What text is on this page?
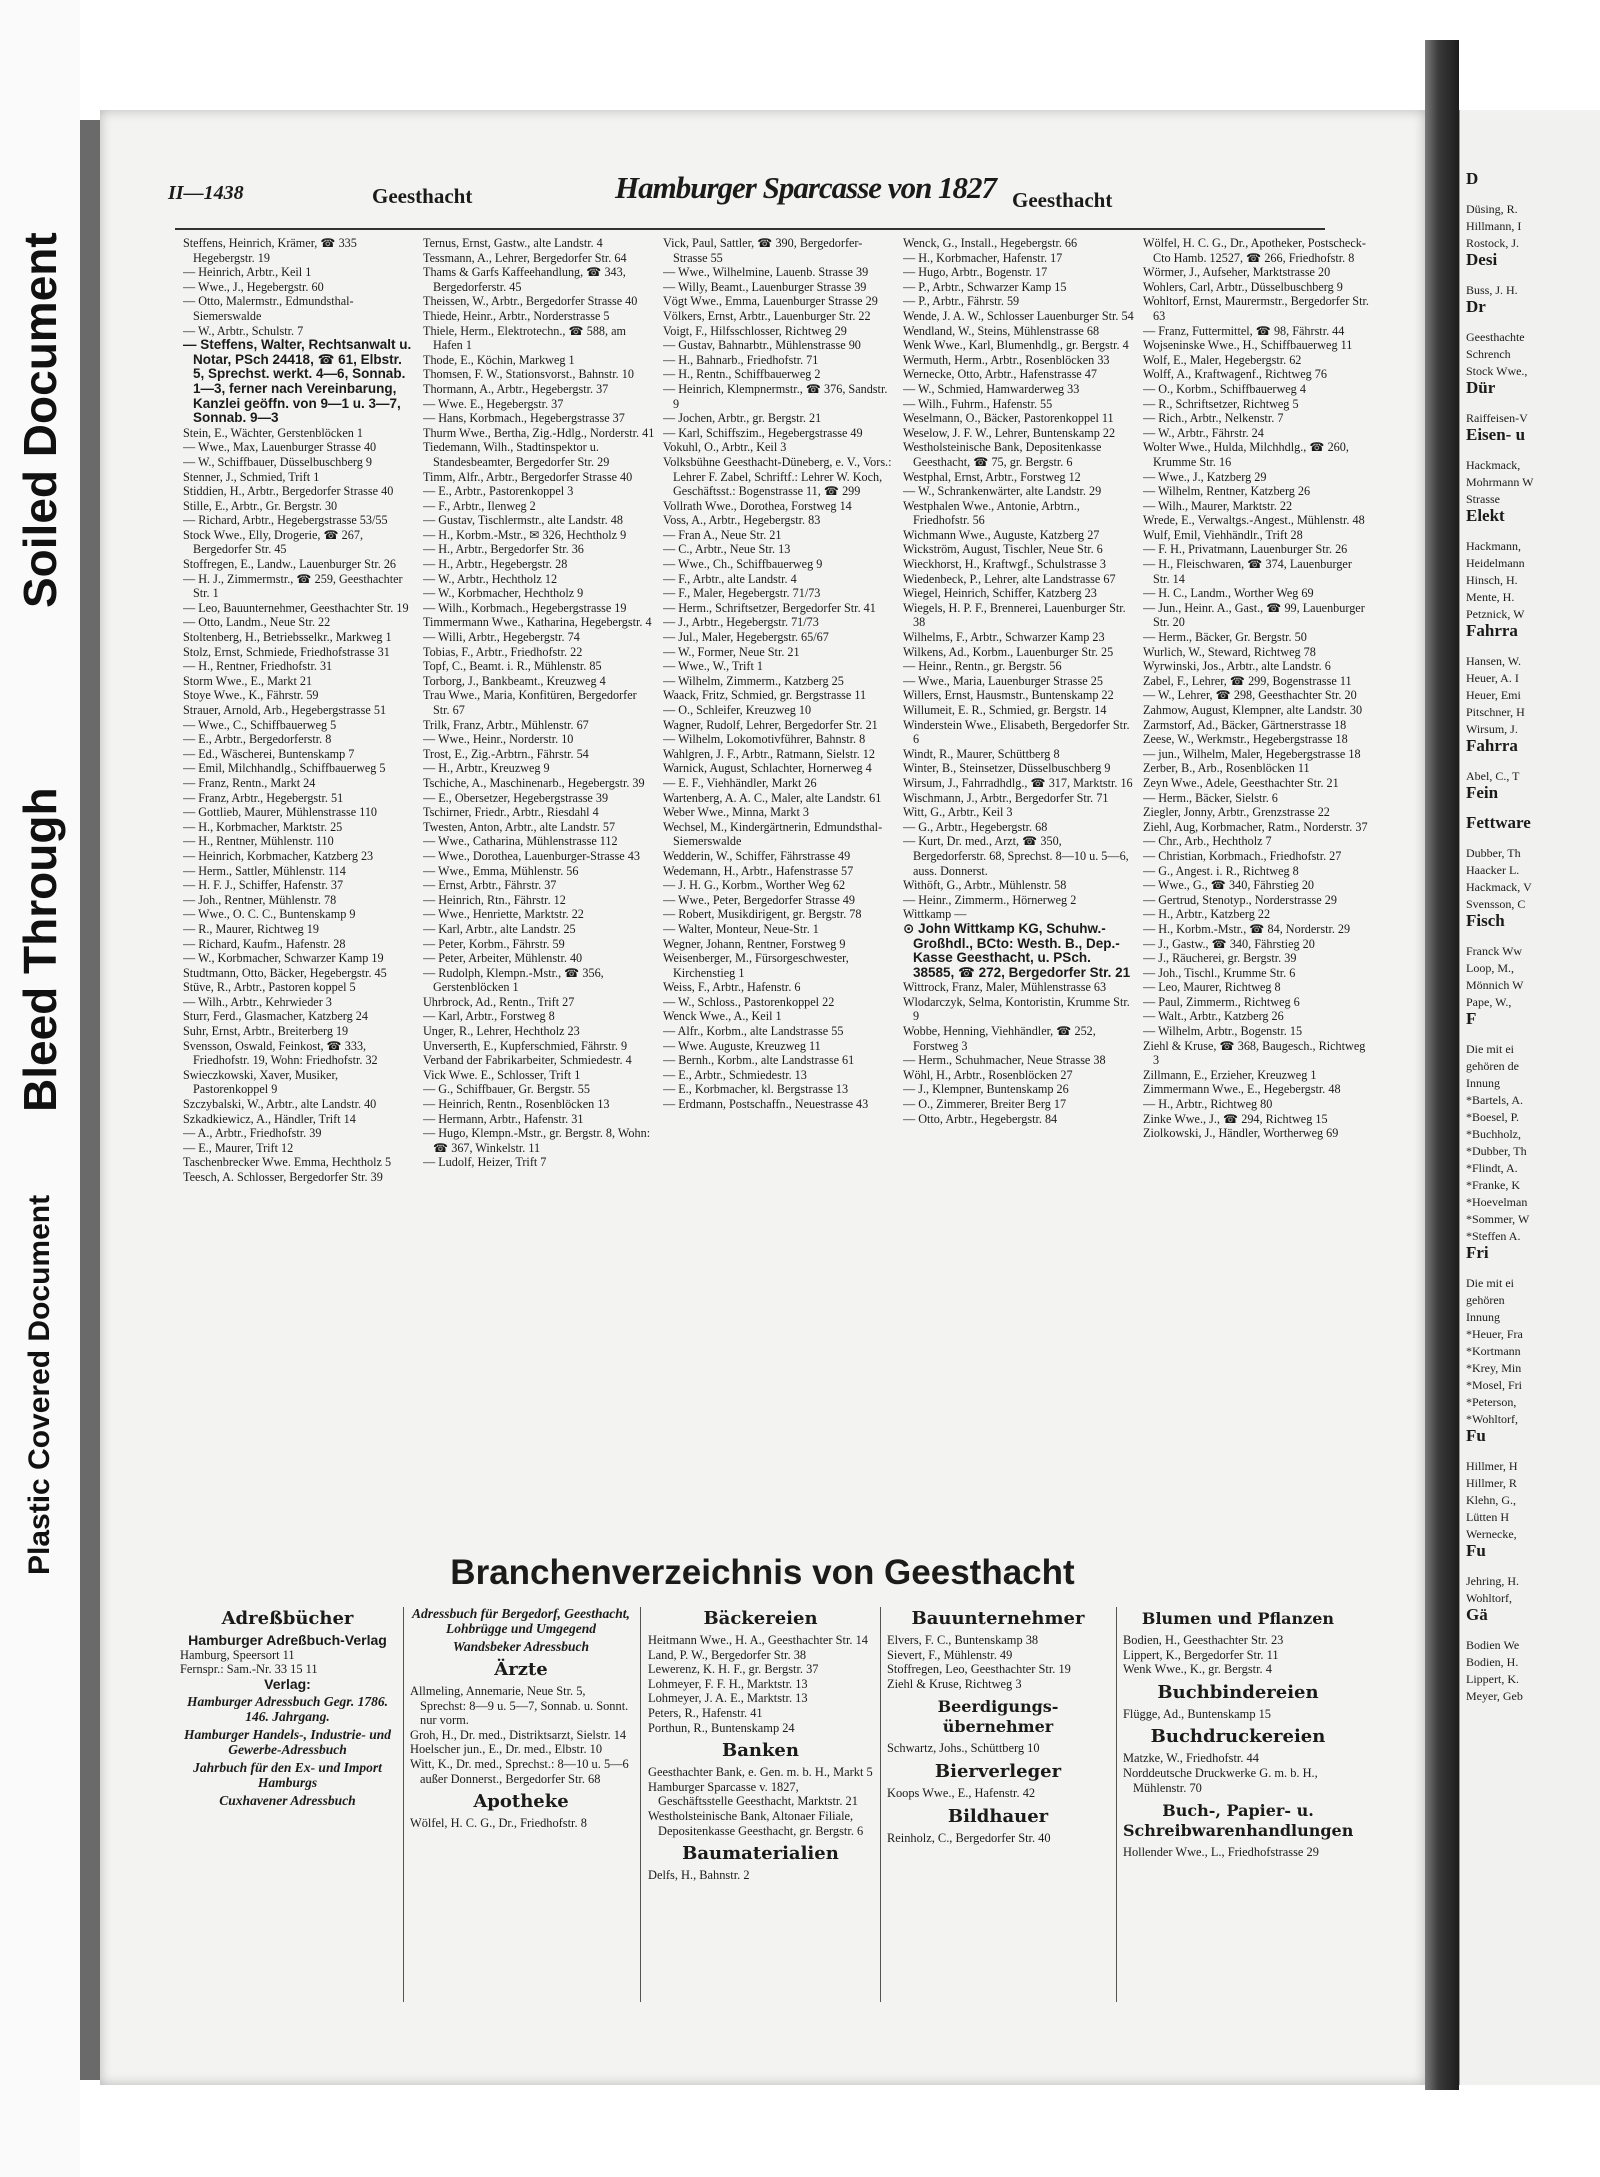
Plastic Covered Document
Bleed Through
Soiled Document
D
Düsing, R.
Hillmann, I
Rostock, J.
Desi
Buss, J. H.
Dr
Geesthachte
Schrench
Stock Wwe.,
Dür
Raiffeisen-V
Eisen- u
Hackmack,
Mohrmann W
Strasse
Elekt
Hackmann,
Heidelmann
Hinsch, H.
Mente, H.
Petznick, W
Fahrra
Hansen, W.
Heuer, A. I
Heuer, Emi
Pitschner, H
Wirsum, J.
Fahrra
Abel, C., T
Fein
Fettware
Dubber, Th
Haacker L.
Hackmack, V
Svensson, C
Fisch
Franck Ww
Loop, M.,
Mönnich W
Pape, W.,
F
Die mit ei
gehören de
Innung
*Bartels, A.
*Boesel, P.
*Buchholz,
*Dubber, Th
*Flindt, A.
*Franke, K
*Hoevelman
*Sommer, W
*Steffen A.
Fri
Die mit ei
gehören
Innung
*Heuer, Fra
*Kortmann
*Krey, Min
*Mosel, Fri
*Peterson,
*Wohltorf,
Fu
Hillmer, H
Hillmer, R
Klehn, G.,
Lütten H
Wernecke,
Fu
Jehring, H.
Wohltorf,
Gä
Bodien We
Bodien, H.
Lippert, K.
Meyer, Geb
II—1438	Geesthacht	Hamburger Sparcasse von 1827 Geesthacht

Steffens, Heinrich, Krämer, ☎ 335 Hegebergstr. 19

— Heinrich, Arbtr., Keil 1

— Wwe., J., Hegebergstr. 60

— Otto, Malermstr., Edmundsthal-Siemerswalde

— W., Arbtr., Schulstr. 7

— Steffens, Walter, Rechtsanwalt u. Notar, PSch 24418, ☎ 61, Elbstr. 5, Sprechst. werkt. 4—6, Sonnab. 1—3, ferner nach Vereinbarung, Kanzlei geöffn. von 9—1 u. 3—7, Sonnab. 9—3

Stein, E., Wächter, Gerstenblöcken 1

— Wwe., Max, Lauenburger Strasse 40

— W., Schiffbauer, Düsselbuschberg 9

Stenner, J., Schmied, Trift 1

Stiddien, H., Arbtr., Bergedorfer Strasse 40

Stille, E., Arbtr., Gr. Bergstr. 30

— Richard, Arbtr., Hegebergstrasse 53/55

Stock Wwe., Elly, Drogerie, ☎ 267, Bergedorfer Str. 45

Stoffregen, E., Landw., Lauenburger Str. 26

— H. J., Zimmermstr., ☎ 259, Geesthachter Str. 1

— Leo, Bauunternehmer, Geesthachter Str. 19

— Otto, Landm., Neue Str. 22

Stoltenberg, H., Betriebsselkr., Markweg 1

Stolz, Ernst, Schmiede, Friedhofstrasse 31

— H., Rentner, Friedhofstr. 31

Storm Wwe., E., Markt 21

Stoye Wwe., K., Fährstr. 59

Strauer, Arnold, Arb., Hegebergstrasse 51

— Wwe., C., Schiffbauerweg 5

— E., Arbtr., Bergedorferstr. 8

— Ed., Wäscherei, Buntenskamp 7

— Emil, Milchhandlg., Schiffbauerweg 5

— Franz, Rentn., Markt 24

— Franz, Arbtr., Hegebergstr. 51

— Gottlieb, Maurer, Mühlenstrasse 110

— H., Korbmacher, Marktstr. 25

— H., Rentner, Mühlenstr. 110

— Heinrich, Korbmacher, Katzberg 23

— Herm., Sattler, Mühlenstr. 114

— H. F. J., Schiffer, Hafenstr. 37

— Joh., Rentner, Mühlenstr. 78

— Wwe., O. C. C., Buntenskamp 9

— R., Maurer, Richtweg 19

— Richard, Kaufm., Hafenstr. 28

— W., Korbmacher, Schwarzer Kamp 19

Studtmann, Otto, Bäcker, Hegebergstr. 45

Stüve, R., Arbtr., Pastoren koppel 5

— Wilh., Arbtr., Kehrwieder 3

Sturr, Ferd., Glasmacher, Katzberg 24

Suhr, Ernst, Arbtr., Breiterberg 19

Svensson, Oswald, Feinkost, ☎ 333, Friedhofstr. 19, Wohn: Friedhofstr. 32

Swieczkowski, Xaver, Musiker, Pastorenkoppel 9

Szczybalski, W., Arbtr., alte Landstr. 40

Szkadkiewicz, A., Händler, Trift 14

— A., Arbtr., Friedhofstr. 39

— E., Maurer, Trift 12

Taschenbrecker Wwe. Emma, Hechtholz 5

Teesch, A. Schlosser, Bergedorfer Str. 39

Ternus, Ernst, Gastw., alte Landstr. 4

Tessmann, A., Lehrer, Bergedorfer Str. 64

Thams & Garfs Kaffeehandlung, ☎ 343, Bergedorferstr. 45

Theissen, W., Arbtr., Bergedorfer Strasse 40

Thiede, Heinr., Arbtr., Norderstrasse 5

Thiele, Herm., Elektrotechn., ☎ 588, am Hafen 1

Thode, E., Köchin, Markweg 1

Thomsen, F. W., Stationsvorst., Bahnstr. 10

Thormann, A., Arbtr., Hegebergstr. 37

— Wwe. E., Hegebergstr. 37

— Hans, Korbmach., Hegebergstrasse 37

Thurm Wwe., Bertha, Zig.-Hdlg., Norderstr. 41

Tiedemann, Wilh., Stadtinspektor u. Standesbeamter, Bergedorfer Str. 29

Timm, Alfr., Arbtr., Bergedorfer Strasse 40

— E., Arbtr., Pastorenkoppel 3

— F., Arbtr., Ilenweg 2

— Gustav, Tischlermstr., alte Landstr. 48

— H., Korbm.-Mstr., ✉ 326, Hechtholz 9

— H., Arbtr., Bergedorfer Str. 36

— H., Arbtr., Hegebergstr. 28

— W., Arbtr., Hechtholz 12

— W., Korbmacher, Hechtholz 9

— Wilh., Korbmach., Hegebergstrasse 19

Timmermann Wwe., Katharina, Hegebergstr. 4

— Willi, Arbtr., Hegebergstr. 74

Tobias, F., Arbtr., Friedhofstr. 22

Topf, C., Beamt. i. R., Mühlenstr. 85

Torborg, J., Bankbeamt., Kreuzweg 4

Trau Wwe., Maria, Konfitüren, Bergedorfer Str. 67

Trilk, Franz, Arbtr., Mühlenstr. 67

— Wwe., Heinr., Norderstr. 10

Trost, E., Zig.-Arbtrn., Fährstr. 54

— H., Arbtr., Kreuzweg 9

Tschiche, A., Maschinenarb., Hegebergstr. 39

— E., Obersetzer, Hegebergstrasse 39

Tschirner, Friedr., Arbtr., Riesdahl 4

Twesten, Anton, Arbtr., alte Landstr. 57

— Wwe., Catharina, Mühlenstrasse 112

— Wwe., Dorothea, Lauenburger-Strasse 43

— Wwe., Emma, Mühlenstr. 56

— Ernst, Arbtr., Fährstr. 37

— Heinrich, Rtn., Fährstr. 12

— Wwe., Henriette, Marktstr. 22

— Karl, Arbtr., alte Landstr. 25

— Peter, Korbm., Fährstr. 59

— Peter, Arbeiter, Mühlenstr. 40

— Rudolph, Klempn.-Mstr., ☎ 356, Gerstenblöcken 1

Uhrbrock, Ad., Rentn., Trift 27

— Karl, Arbtr., Forstweg 8

Unger, R., Lehrer, Hechtholz 23

Unverserth, E., Kupferschmied, Fährstr. 9

Verband der Fabrikarbeiter, Schmiedestr. 4

Vick Wwe. E., Schlosser, Trift 1

— G., Schiffbauer, Gr. Bergstr. 55

— Heinrich, Rentn., Rosenblöcken 13

— Hermann, Arbtr., Hafenstr. 31

— Hugo, Klempn.-Mstr., gr. Bergstr. 8, Wohn: ☎ 367, Winkelstr. 11

— Ludolf, Heizer, Trift 7

Vick, Paul, Sattler, ☎ 390, Bergedorfer-Strasse 55

— Wwe., Wilhelmine, Lauenb. Strasse 39

— Willy, Beamt., Lauenburger Strasse 39

Vögt Wwe., Emma, Lauenburger Strasse 29

Völkers, Ernst, Arbtr., Lauenburger Str. 22

Voigt, F., Hilfsschlosser, Richtweg 29

— Gustav, Bahnarbtr., Mühlenstrasse 90

— H., Bahnarb., Friedhofstr. 71

— H., Rentn., Schiffbauerweg 2

— Heinrich, Klempnermstr., ☎ 376, Sandstr. 9

— Jochen, Arbtr., gr. Bergstr. 21

— Karl, Schiffszim., Hegebergstrasse 49

Vokuhl, O., Arbtr., Keil 3

Volksbühne Geesthacht-Düneberg, e. V., Vors.: Lehrer F. Zabel, Schriftf.: Lehrer W. Koch, Geschäftsst.: Bogenstrasse 11, ☎ 299

Vollrath Wwe., Dorothea, Forstweg 14

Voss, A., Arbtr., Hegebergstr. 83

— Fran A., Neue Str. 21

— C., Arbtr., Neue Str. 13

— Wwe., Ch., Schiffbauerweg 9

— F., Arbtr., alte Landstr. 4

— F., Maler, Hegebergstr. 71/73

— Herm., Schriftsetzer, Bergedorfer Str. 41

— J., Arbtr., Hegebergstr. 71/73

— Jul., Maler, Hegebergstr. 65/67

— W., Former, Neue Str. 21

— Wwe., W., Trift 1

— Wilhelm, Zimmerm., Katzberg 25

Waack, Fritz, Schmied, gr. Bergstrasse 11

— O., Schleifer, Kreuzweg 10

Wagner, Rudolf, Lehrer, Bergedorfer Str. 21

— Wilhelm, Lokomotivführer, Bahnstr. 8

Wahlgren, J. F., Arbtr., Ratmann, Sielstr. 12

Warnick, August, Schlachter, Hornerweg 4

— E. F., Viehhändler, Markt 26

Wartenberg, A. A. C., Maler, alte Landstr. 61

Weber Wwe., Minna, Markt 3

Wechsel, M., Kindergärtnerin, Edmundsthal-Siemerswalde

Wedderin, W., Schiffer, Fährstrasse 49

Wedemann, H., Arbtr., Hafenstrasse 57

— J. H. G., Korbm., Worther Weg 62

— Wwe., Peter, Bergedorfer Strasse 49

— Robert, Musikdirigent, gr. Bergstr. 78

— Walter, Monteur, Neue-Str. 1

Wegner, Johann, Rentner, Forstweg 9

Weisenberger, M., Fürsorgeschwester, Kirchenstieg 1

Weiss, F., Arbtr., Hafenstr. 6

— W., Schloss., Pastorenkoppel 22

Wenck Wwe., A., Keil 1

— Alfr., Korbm., alte Landstrasse 55

— Wwe. Auguste, Kreuzweg 11

— Bernh., Korbm., alte Landstrasse 61

— E., Arbtr., Schmiedestr. 13

— E., Korbmacher, kl. Bergstrasse 13

— Erdmann, Postschaffn., Neuestrasse 43

Wenck, G., Install., Hegebergstr. 66

— H., Korbmacher, Hafenstr. 17

— Hugo, Arbtr., Bogenstr. 17

— P., Arbtr., Schwarzer Kamp 15

— P., Arbtr., Fährstr. 59

Wende, J. A. W., Schlosser Lauenburger Str. 54

Wendland, W., Steins, Mühlenstrasse 68

Wenk Wwe., Karl, Blumenhdlg., gr. Bergstr. 4

Wermuth, Herm., Arbtr., Rosenblöcken 33

Wernecke, Otto, Arbtr., Hafenstrasse 47

— W., Schmied, Hamwarderweg 33

— Wilh., Fuhrm., Hafenstr. 55

Weselmann, O., Bäcker, Pastorenkoppel 11

Weselow, J. F. W., Lehrer, Buntenskamp 22

Westholsteinische Bank, Depositenkasse Geesthacht, ☎ 75, gr. Bergstr. 6

Westphal, Ernst, Arbtr., Forstweg 12

— W., Schrankenwärter, alte Landstr. 29

Westphalen Wwe., Antonie, Arbtrn., Friedhofstr. 56

Wichmann Wwe., Auguste, Katzberg 27

Wickström, August, Tischler, Neue Str. 6

Wieckhorst, H., Kraftwgf., Schulstrasse 3

Wiedenbeck, P., Lehrer, alte Landstrasse 67

Wiegel, Heinrich, Schiffer, Katzberg 23

Wiegels, H. P. F., Brennerei, Lauenburger Str. 38

Wilhelms, F., Arbtr., Schwarzer Kamp 23

Wilkens, Ad., Korbm., Lauenburger Str. 25

— Heinr., Rentn., gr. Bergstr. 56

— Wwe., Maria, Lauenburger Strasse 25

Willers, Ernst, Hausmstr., Buntenskamp 22

Willumeit, E. R., Schmied, gr. Bergstr. 14

Winderstein Wwe., Elisabeth, Bergedorfer Str. 6

Windt, R., Maurer, Schüttberg 8

Winter, B., Steinsetzer, Düsselbuschberg 9

Wirsum, J., Fahrradhdlg., ☎ 317, Marktstr. 16

Wischmann, J., Arbtr., Bergedorfer Str. 71

Witt, G., Arbtr., Keil 3

— G., Arbtr., Hegebergstr. 68

— Kurt, Dr. med., Arzt, ☎ 350, Bergedorferstr. 68, Sprechst. 8—10 u. 5—6, auss. Donnerst.

Withöft, G., Arbtr., Mühlenstr. 58

— Heinr., Zimmerm., Hörnerweg 2

Wittkamp —

⊙ John Wittkamp KG, Schuhw.-Großhdl., BCto: Westh. B., Dep.-Kasse Geesthacht, u. PSch. 38585, ☎ 272, Bergedorfer Str. 21

Wittrock, Franz, Maler, Mühlenstrasse 63

Wlodarczyk, Selma, Kontoristin, Krumme Str. 9

Wobbe, Henning, Viehhändler, ☎ 252, Forstweg 3

— Herm., Schuhmacher, Neue Strasse 38

Wöhl, H., Arbtr., Rosenblöcken 27

— J., Klempner, Buntenskamp 26

— O., Zimmerer, Breiter Berg 17

— Otto, Arbtr., Hegebergstr. 84

Wölfel, H. C. G., Dr., Apotheker, Postscheck-Cto Hamb. 12527, ☎ 266, Friedhofstr. 8

Wörmer, J., Aufseher, Marktstrasse 20

Wohlers, Carl, Arbtr., Düsselbuschberg 9

Wohltorf, Ernst, Maurermstr., Bergedorfer Str. 63

— Franz, Futtermittel, ☎ 98, Fährstr. 44

Wojseninske Wwe., H., Schiffbauerweg 11

Wolf, E., Maler, Hegebergstr. 62

Wolff, A., Kraftwagenf., Richtweg 76

— O., Korbm., Schiffbauerweg 4

— R., Schriftsetzer, Richtweg 5

— Rich., Arbtr., Nelkenstr. 7

— W., Arbtr., Fährstr. 24

Wolter Wwe., Hulda, Milchhdlg., ☎ 260, Krumme Str. 16

— Wwe., J., Katzberg 29

— Wilhelm, Rentner, Katzberg 26

— Wilh., Maurer, Marktstr. 22

Wrede, E., Verwaltgs.-Angest., Mühlenstr. 48

Wulf, Emil, Viehhändlr., Trift 28

— F. H., Privatmann, Lauenburger Str. 26

— H., Fleischwaren, ☎ 374, Lauenburger Str. 14

— H. C., Landm., Worther Weg 69

— Jun., Heinr. A., Gast., ☎ 99, Lauenburger Str. 20

— Herm., Bäcker, Gr. Bergstr. 50

Wurlich, W., Steward, Richtweg 78

Wyrwinski, Jos., Arbtr., alte Landstr. 6

Zabel, F., Lehrer, ☎ 299, Bogenstrasse 11

— W., Lehrer, ☎ 298, Geesthachter Str. 20

Zahmow, August, Klempner, alte Landstr. 30

Zarmstorf, Ad., Bäcker, Gärtnerstrasse 18

Zeese, W., Werkmstr., Hegebergstrasse 18

— jun., Wilhelm, Maler, Hegebergstrasse 18

Zerber, B., Arb., Rosenblöcken 11

Zeyn Wwe., Adele, Geesthachter Str. 21

— Herm., Bäcker, Sielstr. 6

Ziegler, Jonny, Arbtr., Grenzstrasse 22

Ziehl, Aug, Korbmacher, Ratm., Norderstr. 37

— Chr., Arb., Hechtholz 7

— Christian, Korbmach., Friedhofstr. 27

— G., Angest. i. R., Richtweg 8

— Wwe., G., ☎ 340, Fährstieg 20

— Gertrud, Stenotyp., Norderstrasse 29

— H., Arbtr., Katzberg 22

— H., Korbm.-Mstr., ☎ 84, Norderstr. 29

— J., Gastw., ☎ 340, Fährstieg 20

— J., Räucherei, gr. Bergstr. 39

— Joh., Tischl., Krumme Str. 6

— Leo, Maurer, Richtweg 8

— Paul, Zimmerm., Richtweg 6

— Walt., Arbtr., Katzberg 26

— Wilhelm, Arbtr., Bogenstr. 15

Ziehl & Kruse, ☎ 368, Baugesch., Richtweg 3

Zillmann, E., Erzieher, Kreuzweg 1

Zimmermann Wwe., E., Hegebergstr. 48

— H., Arbtr., Richtweg 80

Zinke Wwe., J., ☎ 294, Richtweg 15

Ziolkowski, J., Händler, Wortherweg 69

Branchenverzeichnis von Geesthacht
Adreßbücher
Hamburger Adreßbuch-Verlag
Hamburg, Speersort 11
Fernspr.: Sam.-Nr. 33 15 11
Verlag:
Hamburger Adressbuch Gegr. 1786. 146. Jahrgang.
Hamburger Handels-, Industrie- und Gewerbe-Adressbuch
Jahrbuch für den Ex- und Import Hamburgs
Cuxhavener Adressbuch
Adressbuch für Bergedorf, Geesthacht, Lohbrügge und Umgegend
Wandsbeker Adressbuch
Ärzte
Allmeling, Annemarie, Neue Str. 5, Sprechst: 8—9 u. 5—7, Sonnab. u. Sonnt. nur vorm.
Groh, H., Dr. med., Distriktsarzt, Sielstr. 14
Hoelscher jun., E., Dr. med., Elbstr. 10
Witt, K., Dr. med., Sprechst.: 8—10 u. 5—6 außer Donnerst., Bergedorfer Str. 68
Apotheke
Wölfel, H. C. G., Dr., Friedhofstr. 8
Bäckereien
Heitmann Wwe., H. A., Geesthachter Str. 14
Land, P. W., Bergedorfer Str. 38
Lewerenz, K. H. F., gr. Bergstr. 37
Lohmeyer, F. F. H., Marktstr. 13
Lohmeyer, J. A. E., Marktstr. 13
Peters, R., Hafenstr. 41
Porthun, R., Buntenskamp 24
Banken
Geesthachter Bank, e. Gen. m. b. H., Markt 5
Hamburger Sparcasse v. 1827, Geschäftsstelle Geesthacht, Marktstr. 21
Westholsteinische Bank, Altonaer Filiale, Depositenkasse Geesthacht, gr. Bergstr. 6
Baumaterialien
Delfs, H., Bahnstr. 2
Bauunternehmer
Elvers, F. C., Buntenskamp 38
Sievert, F., Mühlenstr. 49
Stoffregen, Leo, Geesthachter Str. 19
Ziehl & Kruse, Richtweg 3
Beerdigungs-übernehmer
Schwartz, Johs., Schüttberg 10
Bierverleger
Koops Wwe., E., Hafenstr. 42
Bildhauer
Reinholz, C., Bergedorfer Str. 40
Blumen und Pflanzen
Bodien, H., Geesthachter Str. 23
Lippert, K., Bergedorfer Str. 11
Wenk Wwe., K., gr. Bergstr. 4
Buchbindereien
Flügge, Ad., Buntenskamp 15
Buchdruckereien
Matzke, W., Friedhofstr. 44
Norddeutsche Druckwerke G. m. b. H., Mühlenstr. 70
Buch-, Papier- u. Schreibwarenhandlungen
Hollender Wwe., L., Friedhofstrasse 29
